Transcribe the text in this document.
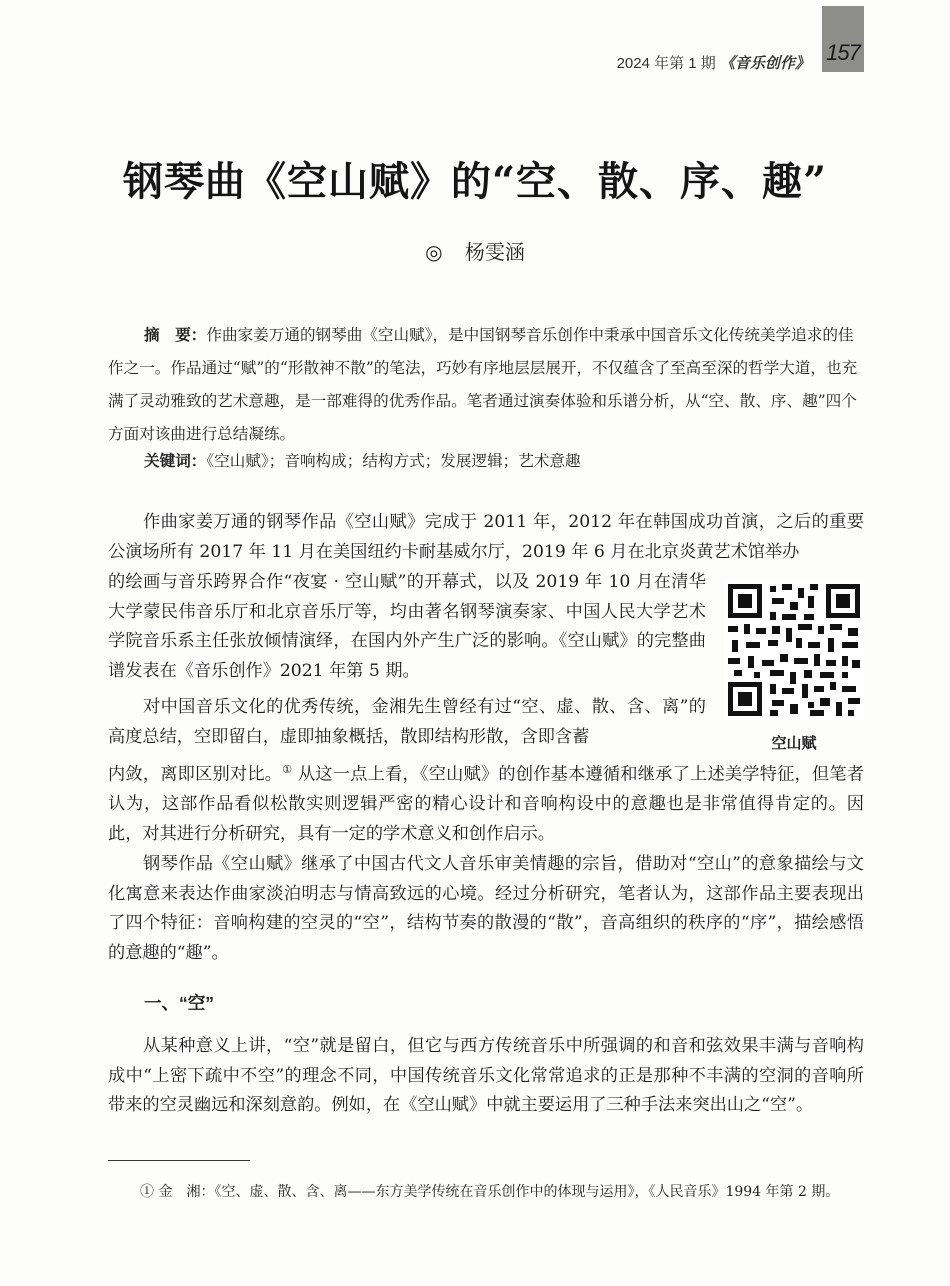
2024 年第 1 期 《音乐创作》 157
钢琴曲《空山赋》的“空、散、序、趣”
◎ 杨雯涵
摘　要：作曲家姜万通的钢琴曲《空山赋》，是中国钢琴音乐创作中秉承中国音乐文化传统美学追求的佳作之一。作品通过“赋”的“形散神不散”的笔法，巧妙有序地层层展开，不仅蕴含了至高至深的哲学大道，也充满了灵动雅致的艺术意趣，是一部难得的优秀作品。笔者通过演奏体验和乐谱分析，从“空、散、序、趣”四个方面对该曲进行总结凝练。
关键词：《空山赋》；音响构成；结构方式；发展逻辑；艺术意趣

作曲家姜万通的钢琴作品《空山赋》完成于 2011 年，2012 年在韩国成功首演，之后的重要公演场所有 2017 年 11 月在美国纽约卡耐基威尔厅，2019 年 6 月在北京炎黄艺术馆举办

的绘画与音乐跨界合作“夜宴 · 空山赋”的开幕式，以及 2019 年 10 月在清华大学蒙民伟音乐厅和北京音乐厅等，均由著名钢琴演奏家、中国人民大学艺术学院音乐系主任张放倾情演绎，在国内外产生广泛的影响。《空山赋》的完整曲谱发表在《音乐创作》2021 年第 5 期。

对中国音乐文化的优秀传统，金湘先生曾经有过“空、虚、散、含、离”的高度总结，空即留白，虚即抽象概括，散即结构形散，含即含蓄

内敛，离即区别对比。① 从这一点上看，《空山赋》的创作基本遵循和继承了上述美学特征，但笔者认为，这部作品看似松散实则逻辑严密的精心设计和音响构设中的意趣也是非常值得肯定的。因此，对其进行分析研究，具有一定的学术意义和创作启示。

钢琴作品《空山赋》继承了中国古代文人音乐审美情趣的宗旨，借助对“空山”的意象描绘与文化寓意来表达作曲家淡泊明志与情高致远的心境。经过分析研究，笔者认为，这部作品主要表现出了四个特征：音响构建的空灵的“空”，结构节奏的散漫的“散”，音高组织的秩序的“序”，描绘感悟的意趣的“趣”。

空山赋
一、“空”

从某种意义上讲，“空”就是留白，但它与西方传统音乐中所强调的和音和弦效果丰满与音响构成中“上密下疏中不空”的理念不同，中国传统音乐文化常常追求的正是那种不丰满的空洞的音响所带来的空灵幽远和深刻意韵。例如，在《空山赋》中就主要运用了三种手法来突出山之“空”。

① 金　湘：《空、虚、散、含、离——东方美学传统在音乐创作中的体现与运用》，《人民音乐》1994 年第 2 期。
